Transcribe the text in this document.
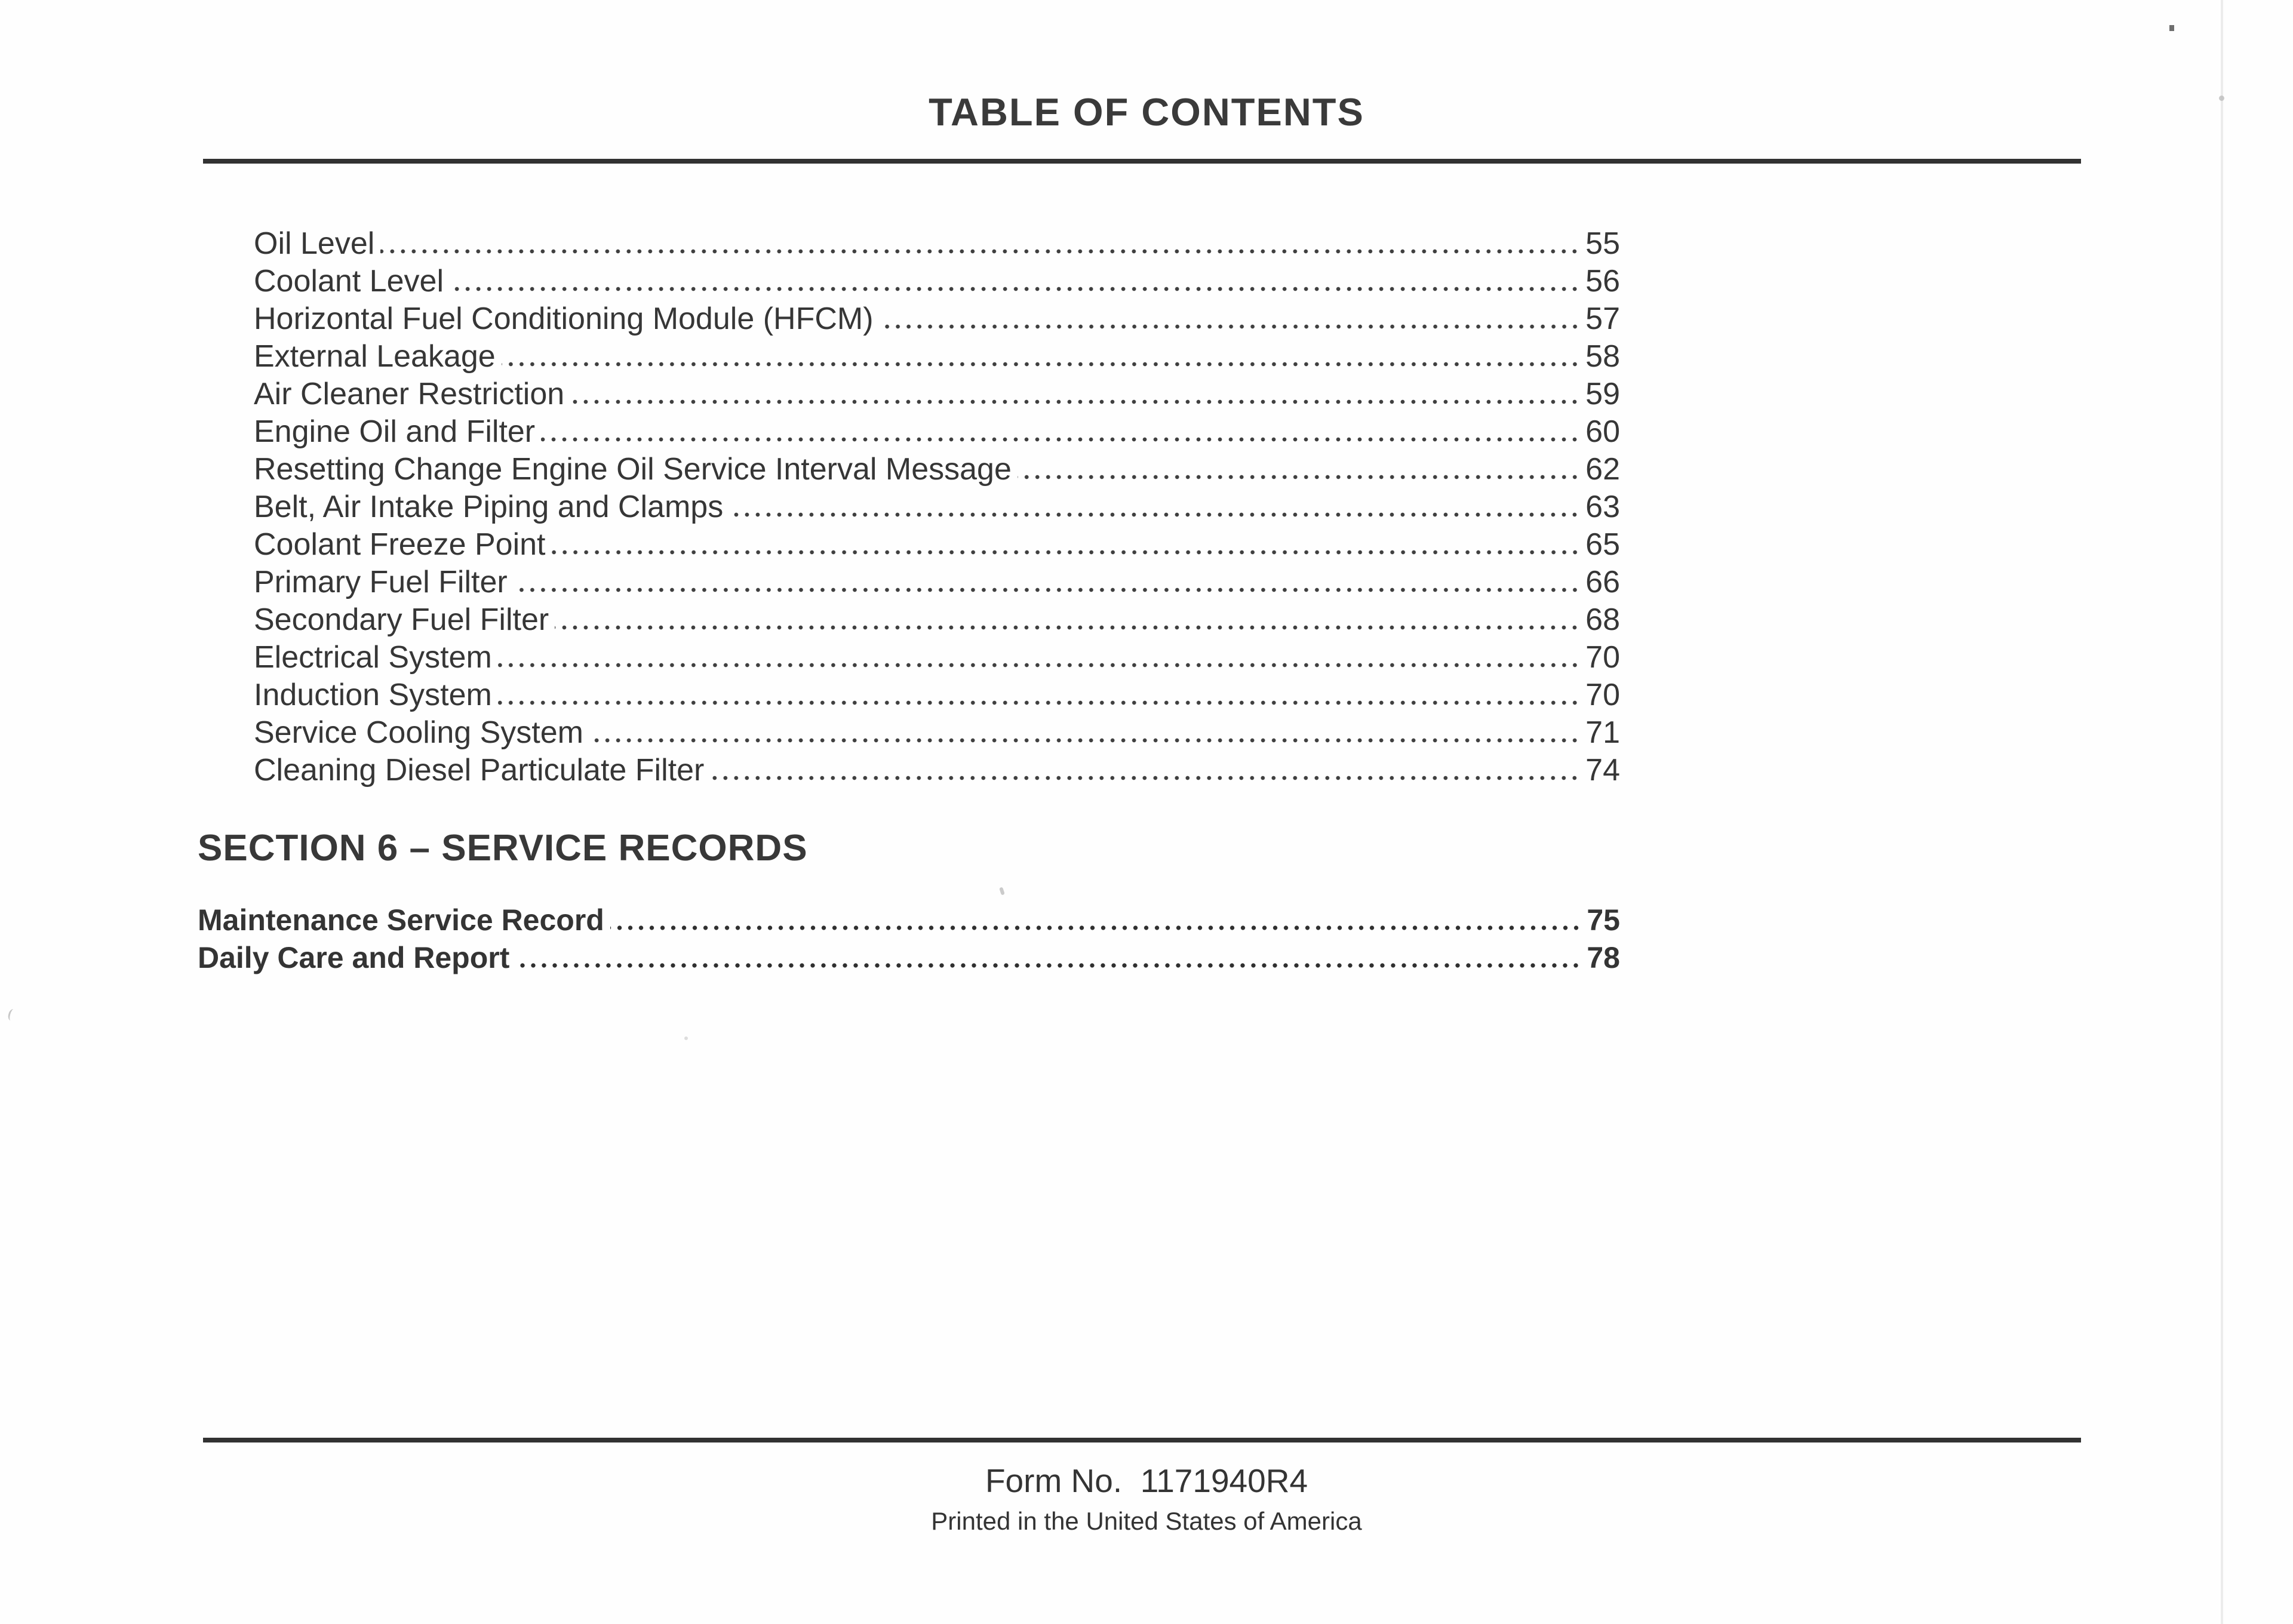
TABLE OF CONTENTS
Oil Level	55
Coolant Level	56
Horizontal Fuel Conditioning Module (HFCM)	57
External Leakage	58
Air Cleaner Restriction	59
Engine Oil and Filter	60
Resetting Change Engine Oil Service Interval Message	62
Belt, Air Intake Piping and Clamps	63
Coolant Freeze Point	65
Primary Fuel Filter	66
Secondary Fuel Filter	68
Electrical System	70
Induction System	70
Service Cooling System	71
Cleaning Diesel Particulate Filter	74
SECTION 6 – SERVICE RECORDS
Maintenance Service Record	75
Daily Care and Report	78
Form No.  1171940R4
Printed in the United States of America
